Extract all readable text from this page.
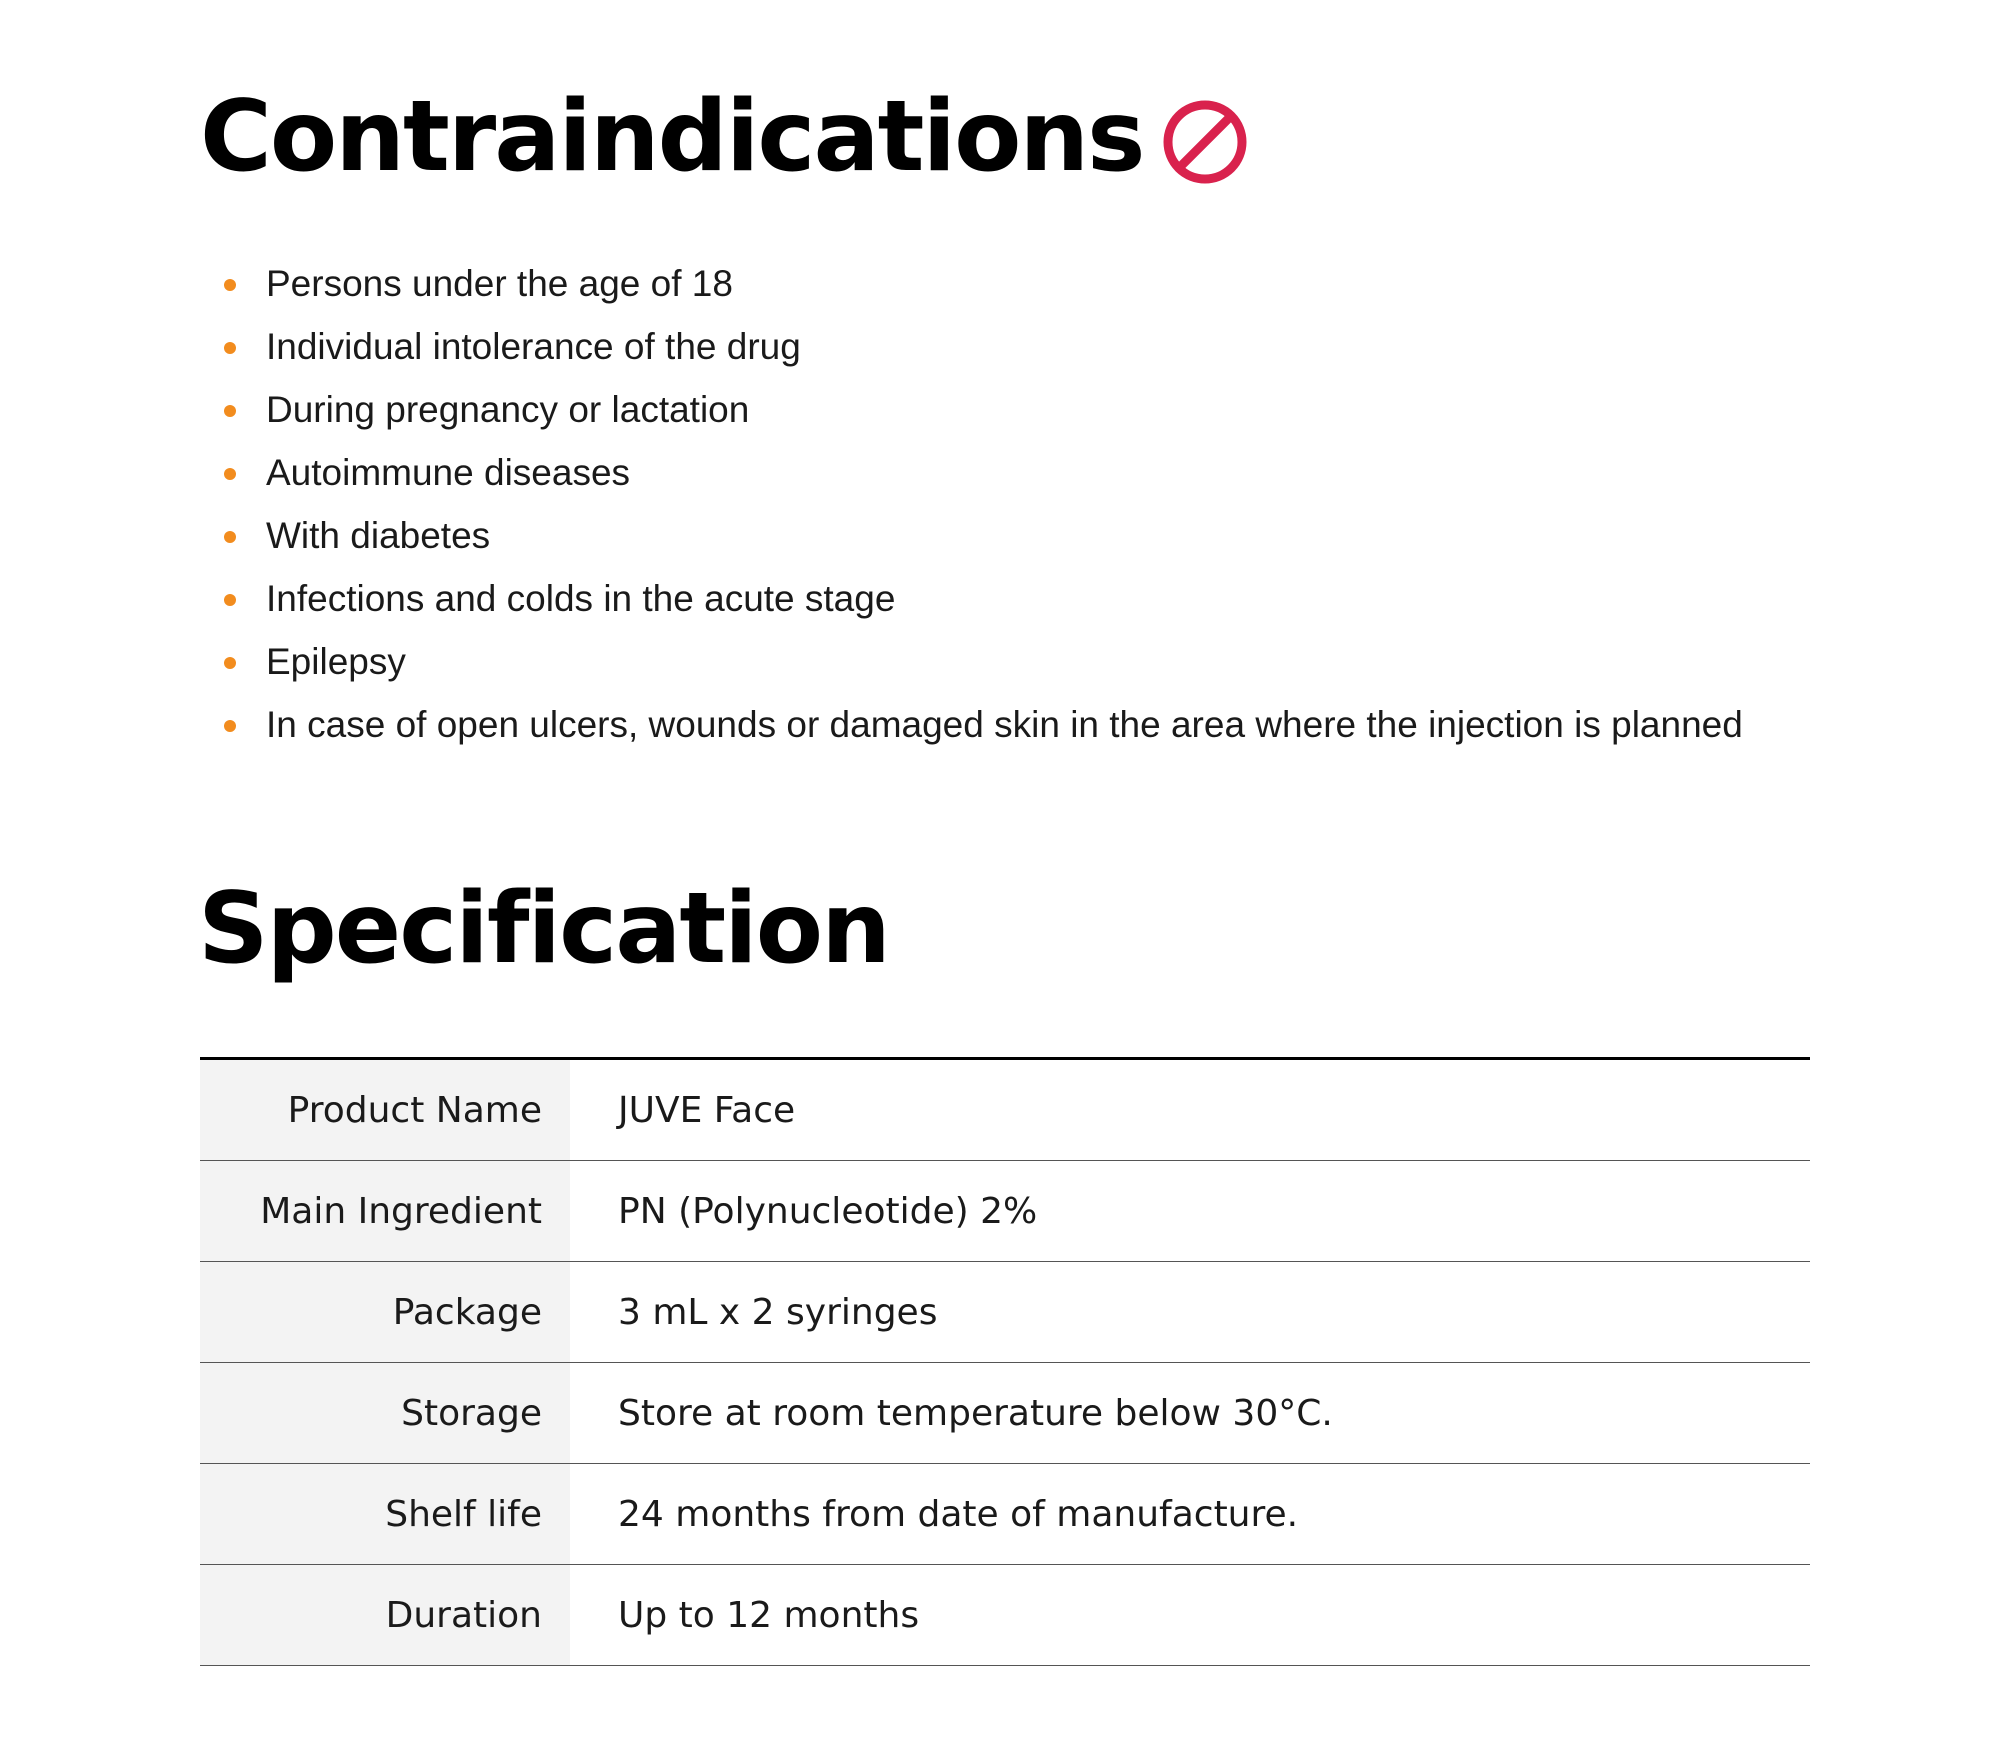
Contraindications
Persons under the age of 18
Individual intolerance of the drug
During pregnancy or lactation
Autoimmune diseases
With diabetes
Infections and colds in the acute stage
Epilepsy
In case of open ulcers, wounds or damaged skin in the area where the injection is planned
Specification
Product Name	JUVE Face
Main Ingredient	PN (Polynucleotide) 2%
Package	3 mL x 2 syringes
Storage	Store at room temperature below 30°C.
Shelf life	24 months from date of manufacture.
Duration	Up to 12 months
